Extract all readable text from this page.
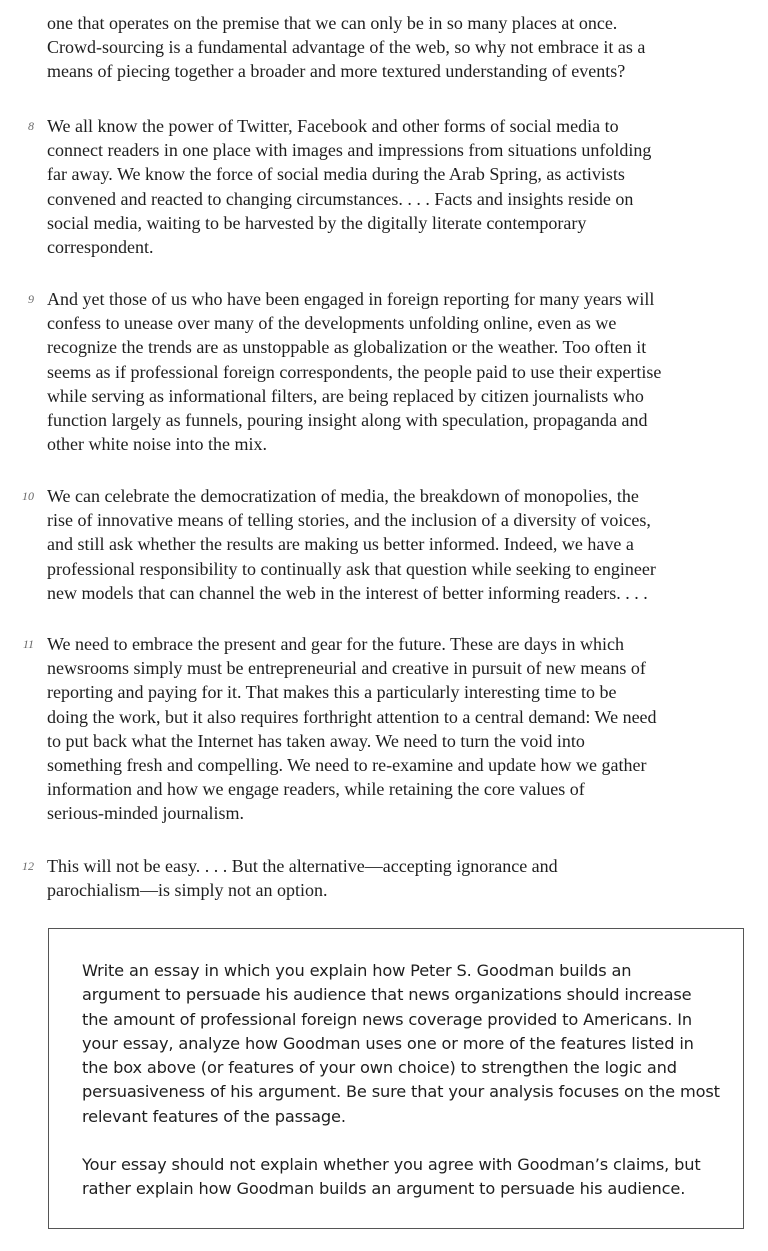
one that operates on the premise that we can only be in so many places at once.
Crowd-sourcing is a fundamental advantage of the web, so why not embrace it as a
means of piecing together a broader and more textured understanding of events?

8 We all know the power of Twitter, Facebook and other forms of social media to
connect readers in one place with images and impressions from situations unfolding
far away. We know the force of social media during the Arab Spring, as activists
convened and reacted to changing circumstances. . . . Facts and insights reside on
social media, waiting to be harvested by the digitally literate contemporary
correspondent.

9 And yet those of us who have been engaged in foreign reporting for many years will
confess to unease over many of the developments unfolding online, even as we
recognize the trends are as unstoppable as globalization or the weather. Too often it
seems as if professional foreign correspondents, the people paid to use their expertise
while serving as informational filters, are being replaced by citizen journalists who
function largely as funnels, pouring insight along with speculation, propaganda and
other white noise into the mix.

10 We can celebrate the democratization of media, the breakdown of monopolies, the
rise of innovative means of telling stories, and the inclusion of a diversity of voices,
and still ask whether the results are making us better informed. Indeed, we have a
professional responsibility to continually ask that question while seeking to engineer
new models that can channel the web in the interest of better informing readers. . . .

11 We need to embrace the present and gear for the future. These are days in which
newsrooms simply must be entrepreneurial and creative in pursuit of new means of
reporting and paying for it. That makes this a particularly interesting time to be
doing the work, but it also requires forthright attention to a central demand: We need
to put back what the Internet has taken away. We need to turn the void into
something fresh and compelling. We need to re-examine and update how we gather
information and how we engage readers, while retaining the core values of
serious-minded journalism.

12 This will not be easy. . . . But the alternative—accepting ignorance and
parochialism—is simply not an option.

Write an essay in which you explain how Peter S. Goodman builds an
argument to persuade his audience that news organizations should increase
the amount of professional foreign news coverage provided to Americans. In
your essay, analyze how Goodman uses one or more of the features listed in
the box above (or features of your own choice) to strengthen the logic and
persuasiveness of his argument. Be sure that your analysis focuses on the most
relevant features of the passage.

Your essay should not explain whether you agree with Goodman’s claims, but
rather explain how Goodman builds an argument to persuade his audience.
